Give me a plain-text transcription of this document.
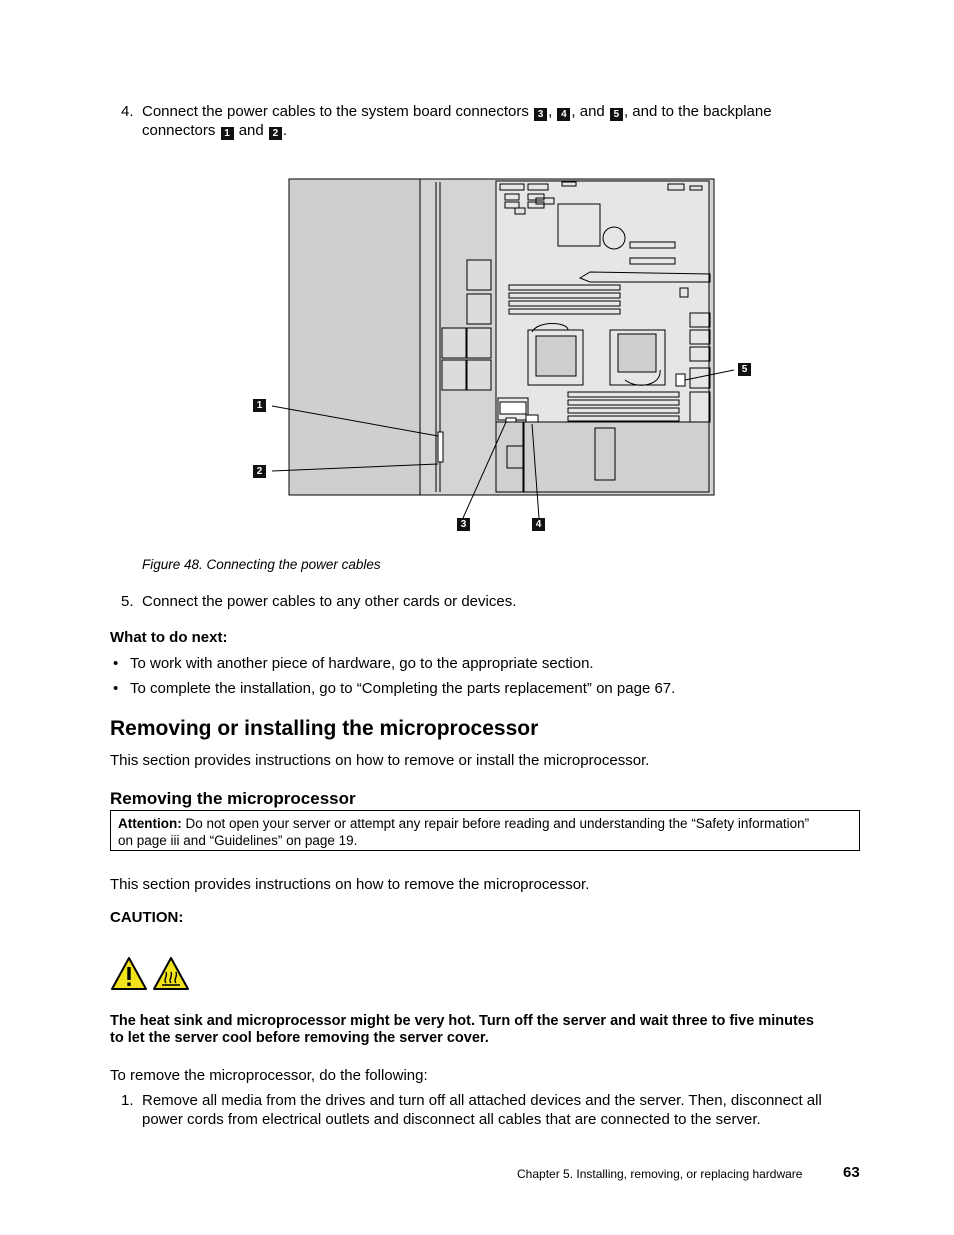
4. Connect the power cables to the system board connectors 3 , 4 , and 5 , and to the backplane
connectors 1 and 2 .
1
2
3	4
5
Figure 48. Connecting the power cables
5. Connect the power cables to any other cards or devices.
What to do next:
• To work with another piece of hardware, go to the appropriate section.
• To complete the installation, go to “Completing the parts replacement” on page 67.
Removing or installing the microprocessor
This section provides instructions on how to remove or install the microprocessor.
Removing the microprocessor
Attention: Do not open your server or attempt any repair before reading and understanding the “Safety information”
on page iii and “Guidelines” on page 19.
This section provides instructions on how to remove the microprocessor.
CAUTION:
The heat sink and microprocessor might be very hot. Turn off the server and wait three to five minutes
to let the server cool before removing the server cover.
To remove the microprocessor, do the following:
1. Remove all media from the drives and turn off all attached devices and the server. Then, disconnect all
power cords from electrical outlets and disconnect all cables that are connected to the server.
Chapter 5. Installing, removing, or replacing hardware	63
